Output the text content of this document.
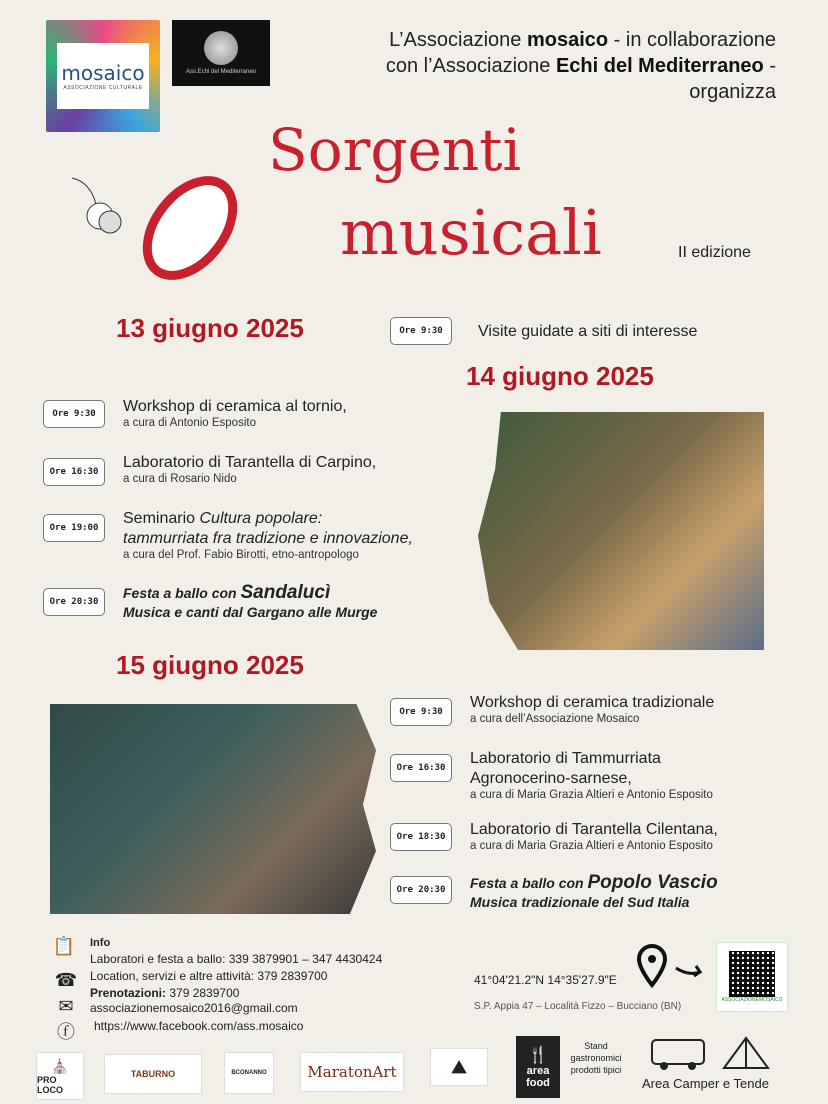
mosaico
ASSOCIAZIONE CULTURALE
Ass.Echi del Mediterraneo
L’Associazione mosaico - in collaborazione
con l’Associazione Echi del Mediterraneo -
organizza
Sorgenti
musicali	II edizione
13 giugno 2025	Ore 9:30	Visite guidate a siti di interesse
14 giugno 2025
Ore 9:30	Workshop di ceramica al tornio,
a cura di Antonio Esposito
Ore 16:30
Laboratorio di Tarantella di Carpino,
a cura di Rosario Nido
Ore 19:00
Seminario Cultura popolare:
tammurriata fra tradizione e innovazione,
a cura del Prof. Fabio Birotti, etno-antropologo
Ore 20:30
Festa a ballo con Sandalucì
Musica e canti dal Gargano alle Murge
15 giugno 2025
Ore 9:30
Workshop di ceramica tradizionale
a cura dell’Associazione Mosaico
Ore 16:30
Laboratorio di Tammurriata
Agronocerino-sarnese,
a cura di Maria Grazia Altieri e Antonio Esposito
Ore 18:30	Laboratorio di Tarantella Cilentana,
a cura di Maria Grazia Altieri e Antonio Esposito
Ore 20:30	Festa a ballo con Popolo Vascio
Musica tradizionale del Sud Italia
📋 Info
Laboratori e festa a ballo: 339 3879901 – 347 4430424
☎ Location, servizi e altre attività: 379 2839700
Prenotazioni: 379 2839700
✉	associazionemosaico2016@gmail.com
ⓕ https://www.facebook.com/ass.mosaico
41°04'21.2"N 14°35'27.9"E
S.P. Appia 47 – Località Fizzo – Bucciano (BN)
ASSOCIAZIONEMOSAICO
⛪
PRO LOCO
TABURNO	BCONANNO	MaratonArt	⛰
🍴
area food
Stand gastronomici prodotti tipici
Area Camper e Tende
